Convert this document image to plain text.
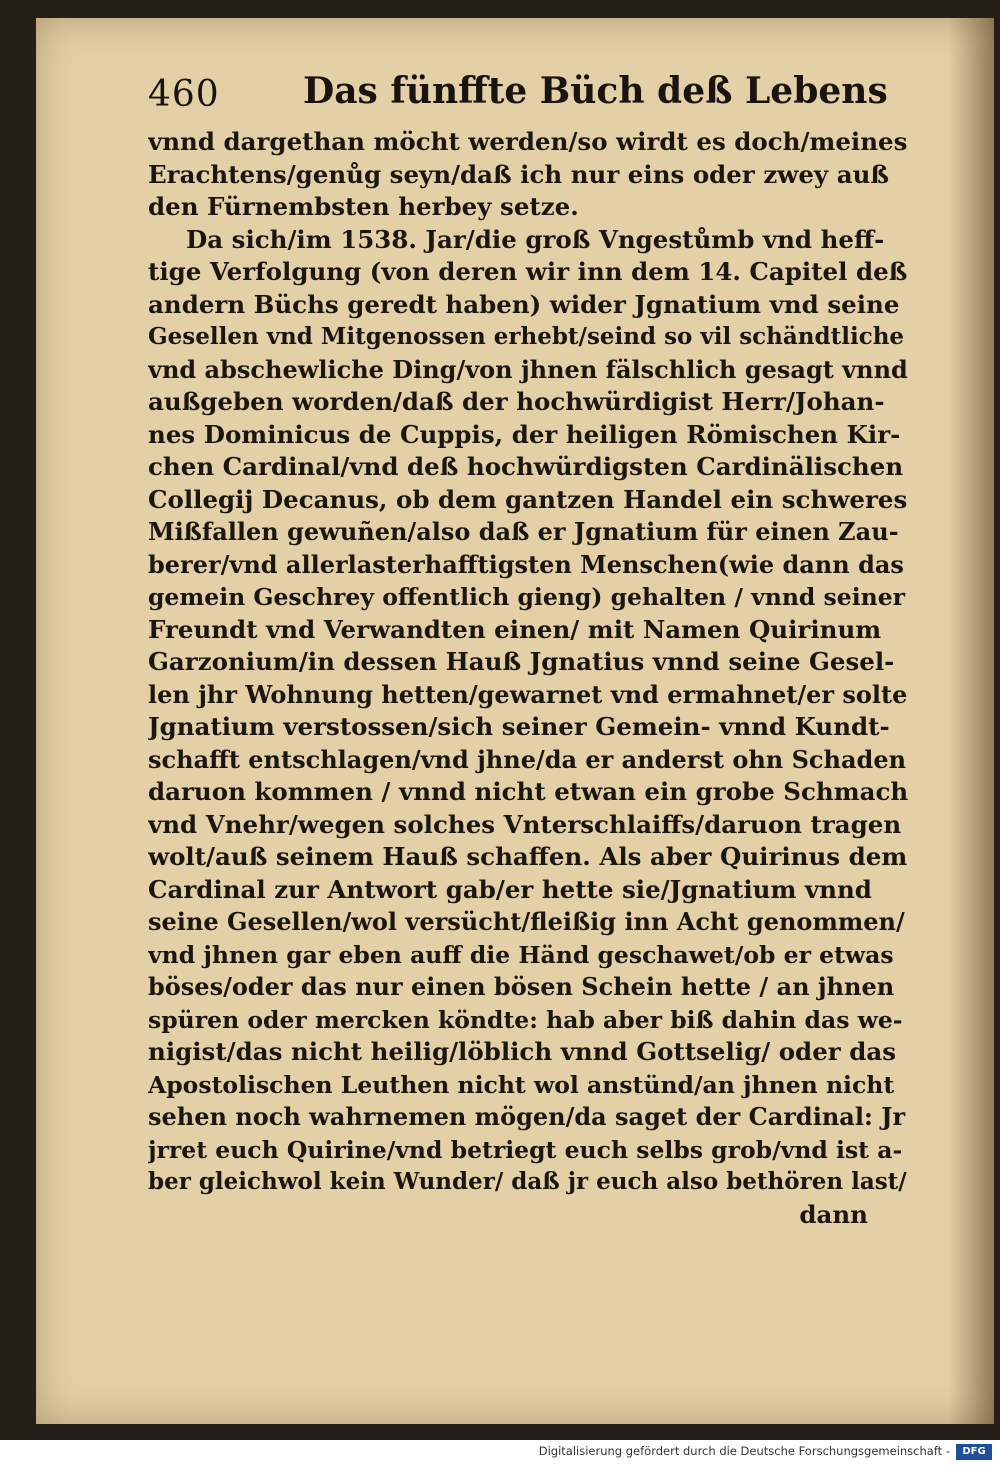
460 Das fünffte Büch deß Lebens
vnnd dargethan möcht werden/so wirdt es doch/meines
Erachtens/genůg seyn/daß ich nur eins oder zwey auß
den Fürnembsten herbey setze.
Da sich/im 1538. Jar/die groß Vngestůmb vnd heff-
tige Verfolgung (von deren wir inn dem 14. Capitel deß
andern Büchs geredt haben) wider Jgnatium vnd seine
Gesellen vnd Mitgenossen erhebt/seind so vil schändtliche
vnd abschewliche Ding/von jhnen fälschlich gesagt vnnd
außgeben worden/daß der hochwürdigist Herr/Johan-
nes Dominicus de Cuppis, der heiligen Römischen Kir-
chen Cardinal/vnd deß hochwürdigsten Cardinälischen
Collegij Decanus, ob dem gantzen Handel ein schweres
Mißfallen gewuñen/also daß er Jgnatium für einen Zau-
berer/vnd allerlasterhafftigsten Menschen(wie dann das
gemein Geschrey offentlich gieng) gehalten / vnnd seiner
Freundt vnd Verwandten einen/ mit Namen Quirinum
Garzonium/in dessen Hauß Jgnatius vnnd seine Gesel-
len jhr Wohnung hetten/gewarnet vnd ermahnet/er solte
Jgnatium verstossen/sich seiner Gemein- vnnd Kundt-
schafft entschlagen/vnd jhne/da er anderst ohn Schaden
daruon kommen / vnnd nicht etwan ein grobe Schmach
vnd Vnehr/wegen solches Vnterschlaiffs/daruon tragen
wolt/auß seinem Hauß schaffen. Als aber Quirinus dem
Cardinal zur Antwort gab/er hette sie/Jgnatium vnnd
seine Gesellen/wol versücht/fleißig inn Acht genommen/
vnd jhnen gar eben auff die Händ geschawet/ob er etwas
böses/oder das nur einen bösen Schein hette / an jhnen
spüren oder mercken köndte: hab aber biß dahin das we-
nigist/das nicht heilig/löblich vnnd Gottselig/ oder das
Apostolischen Leuthen nicht wol anstünd/an jhnen nicht
sehen noch wahrnemen mögen/da saget der Cardinal: Jr
jrret euch Quirine/vnd betriegt euch selbs grob/vnd ist a-
ber gleichwol kein Wunder/ daß jr euch also bethören last/
dann
Digitalisierung gefördert durch die Deutsche Forschungsgemeinschaft -	DFG
